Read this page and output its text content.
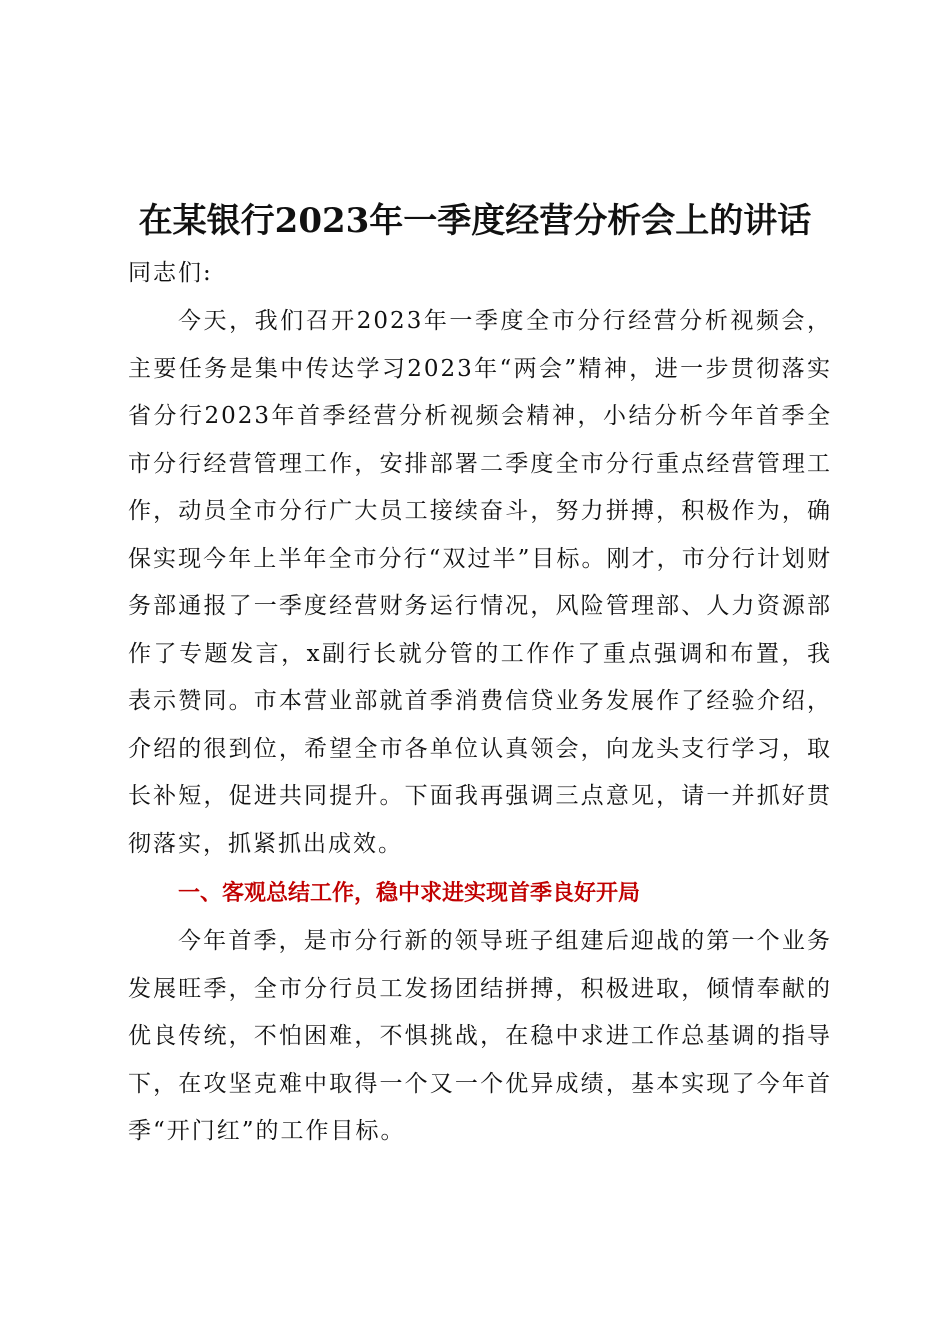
在某银行2023年一季度经营分析会上的讲话
同志们:
今天，我们召开2023年一季度全市分行经营分析视频会，主要任务是集中传达学习2023年“两会”精神，进一步贯彻落实省分行2023年首季经营分析视频会精神，小结分析今年首季全市分行经营管理工作，安排部署二季度全市分行重点经营管理工作，动员全市分行广大员工接续奋斗，努力拼搏，积极作为，确保实现今年上半年全市分行“双过半”目标。刚才，市分行计划财务部通报了一季度经营财务运行情况，风险管理部、人力资源部作了专题发言，x副行长就分管的工作作了重点强调和布置，我表示赞同。市本营业部就首季消费信贷业务发展作了经验介绍，介绍的很到位，希望全市各单位认真领会，向龙头支行学习，取长补短，促进共同提升。下面我再强调三点意见，请一并抓好贯彻落实，抓紧抓出成效。
一、客观总结工作，稳中求进实现首季良好开局
今年首季，是市分行新的领导班子组建后迎战的第一个业务发展旺季，全市分行员工发扬团结拼搏，积极进取，倾情奉献的优良传统，不怕困难，不惧挑战，在稳中求进工作总基调的指导下，在攻坚克难中取得一个又一个优异成绩，基本实现了今年首季“开门红”的工作目标。
